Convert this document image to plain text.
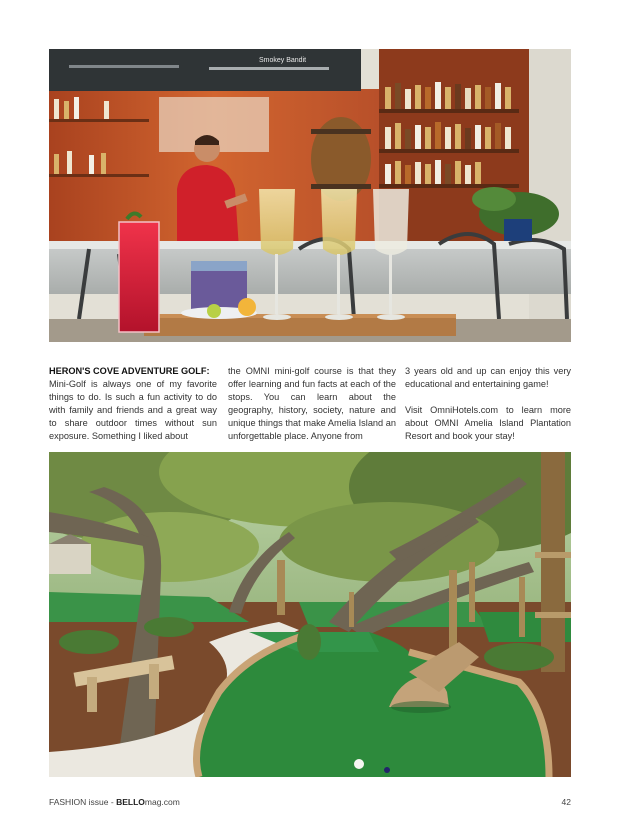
Smokey Bandit

HERON'S COVE ADVENTURE GOLF:
Mini-Golf is always one of my favorite things to do. Is such a fun activity to do with family and friends and a great way to share outdoor times without sun exposure. Something I liked about

the OMNI mini-golf course is that they offer learning and fun facts at each of the stops. You can learn about the geography, history, society, nature and unique things that make Amelia Island an unforgettable place. Anyone from

3 years old and up can enjoy this very educational and entertaining game!

Visit OmniHotels.com to learn more about OMNI Amelia Island Plantation Resort and book your stay!

FASHION issue - BELLOmag.com	42
